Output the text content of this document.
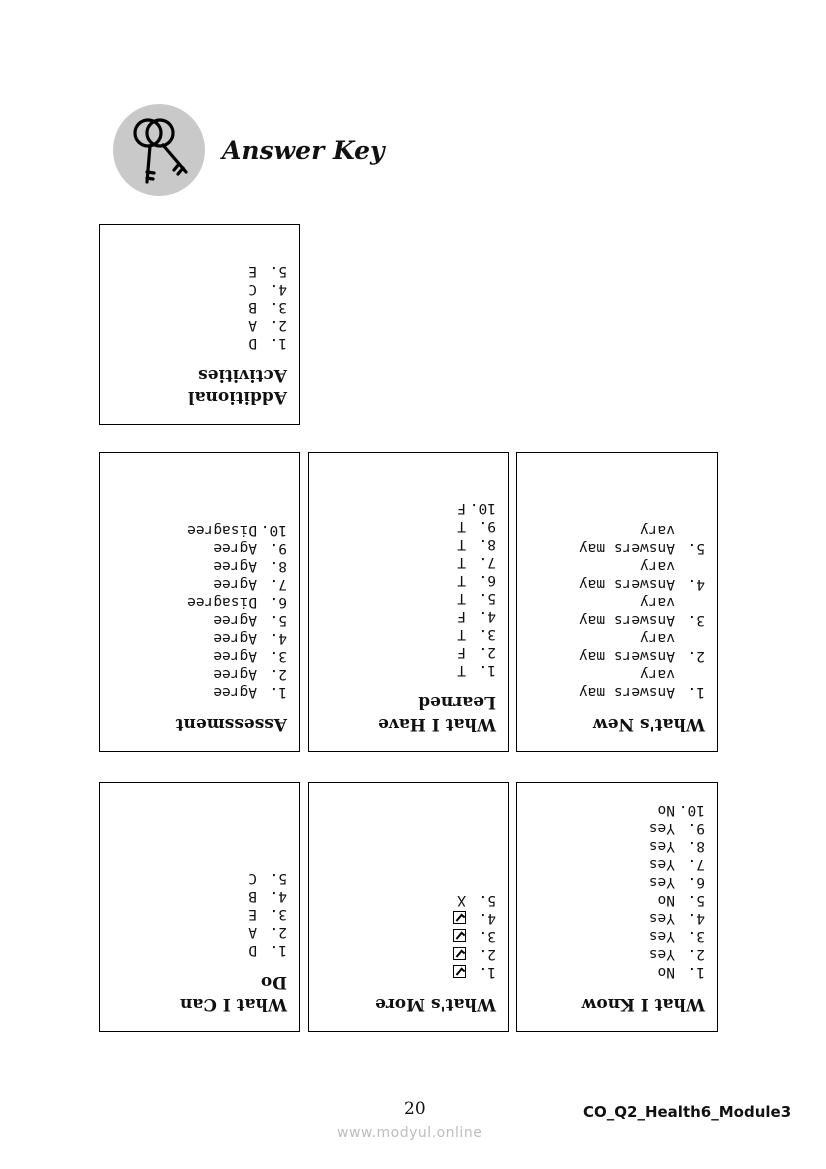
Answer Key
Additional Activities
1.
D
2.
A
3.
B
4.
C
5.
E
Assessment
1.
Agree
2.
Agree
3.
Agree
4.
Agree
5.
Agree
6.
Disagree
7.
Agree
8.
Agree
9.
Agree
10.
Disagree
What I Have Learned
1.
T
2.
F
3.
T
4.
F
5.
T
6.
T
7.
T
8.
T
9.
T
10.
F
What's New
1.
Answers may vary
2.
Answers may vary
3.
Answers may vary
4.
Answers may vary
5.
Answers may vary
What I Can Do
1.
D
2.
A
3.
E
4.
B
5.
C
What's More
1.
2.
3.
4.
5.
X
What I Know
1.
No
2.
Yes
3.
Yes
4.
Yes
5.
No
6.
Yes
7.
Yes
8.
Yes
9.
Yes
10.
No
20	CO_Q2_Health6_Module3
www.modyul.online
